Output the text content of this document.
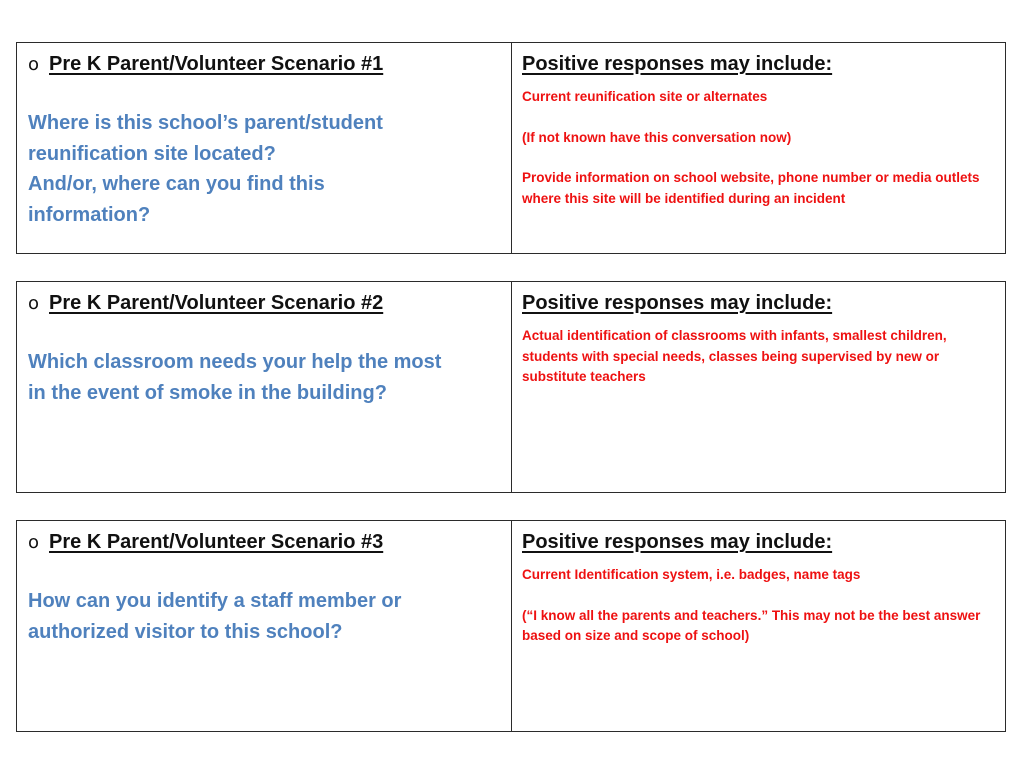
o Pre K Parent/Volunteer Scenario #1
Where is this school’s parent/student
reunification site located?
And/or, where can you find this
information?
Positive responses may include:
Current reunification site or alternates
(If not known have this conversation now)
Provide information on school website, phone number or media outlets where this site will be identified during an incident
o Pre K Parent/Volunteer Scenario #2
Which classroom needs your help the most
in the event of smoke in the building?
Positive responses may include:
Actual identification of classrooms with infants, smallest children, students with special needs, classes being supervised by new or substitute teachers
o Pre K Parent/Volunteer Scenario #3
How can you identify a staff member or
authorized visitor to this school?
Positive responses may include:
Current Identification system, i.e. badges, name tags
(“I know all the parents and teachers.” This may not be the best answer based on size and scope of school)
